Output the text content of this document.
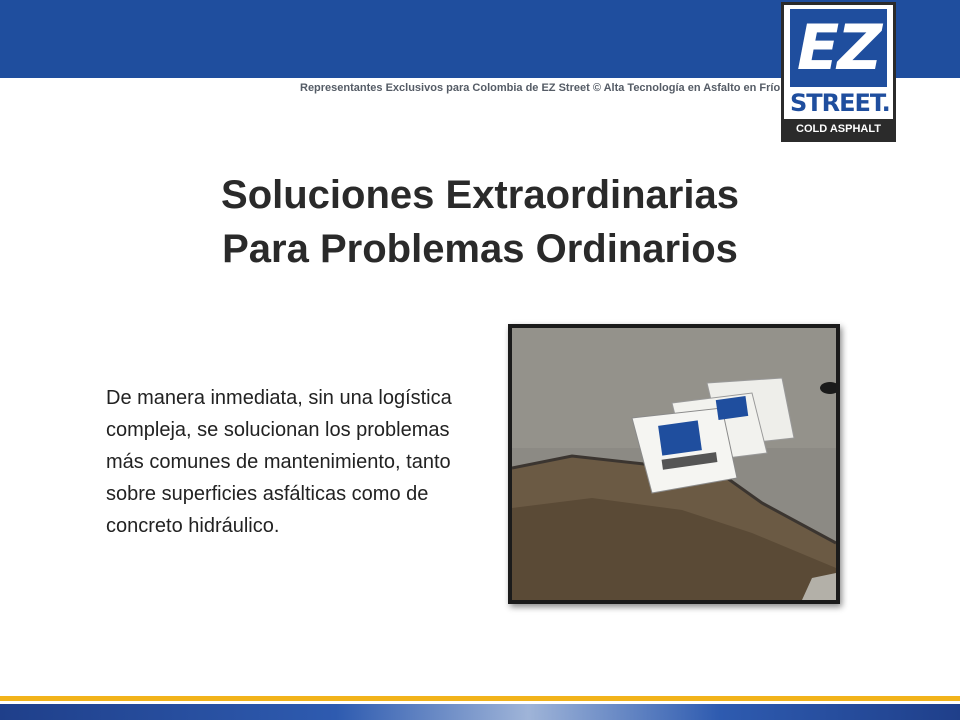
Representantes Exclusivos para Colombia de EZ Street © Alta Tecnología en Asfalto en Frío
EZ
STREET.
COLD ASPHALT
Soluciones Extraordinarias
Para Problemas Ordinarios
De manera inmediata, sin una logística compleja, se solucionan los problemas más comunes de mantenimiento, tanto sobre superficies asfálticas como de concreto hidráulico.
